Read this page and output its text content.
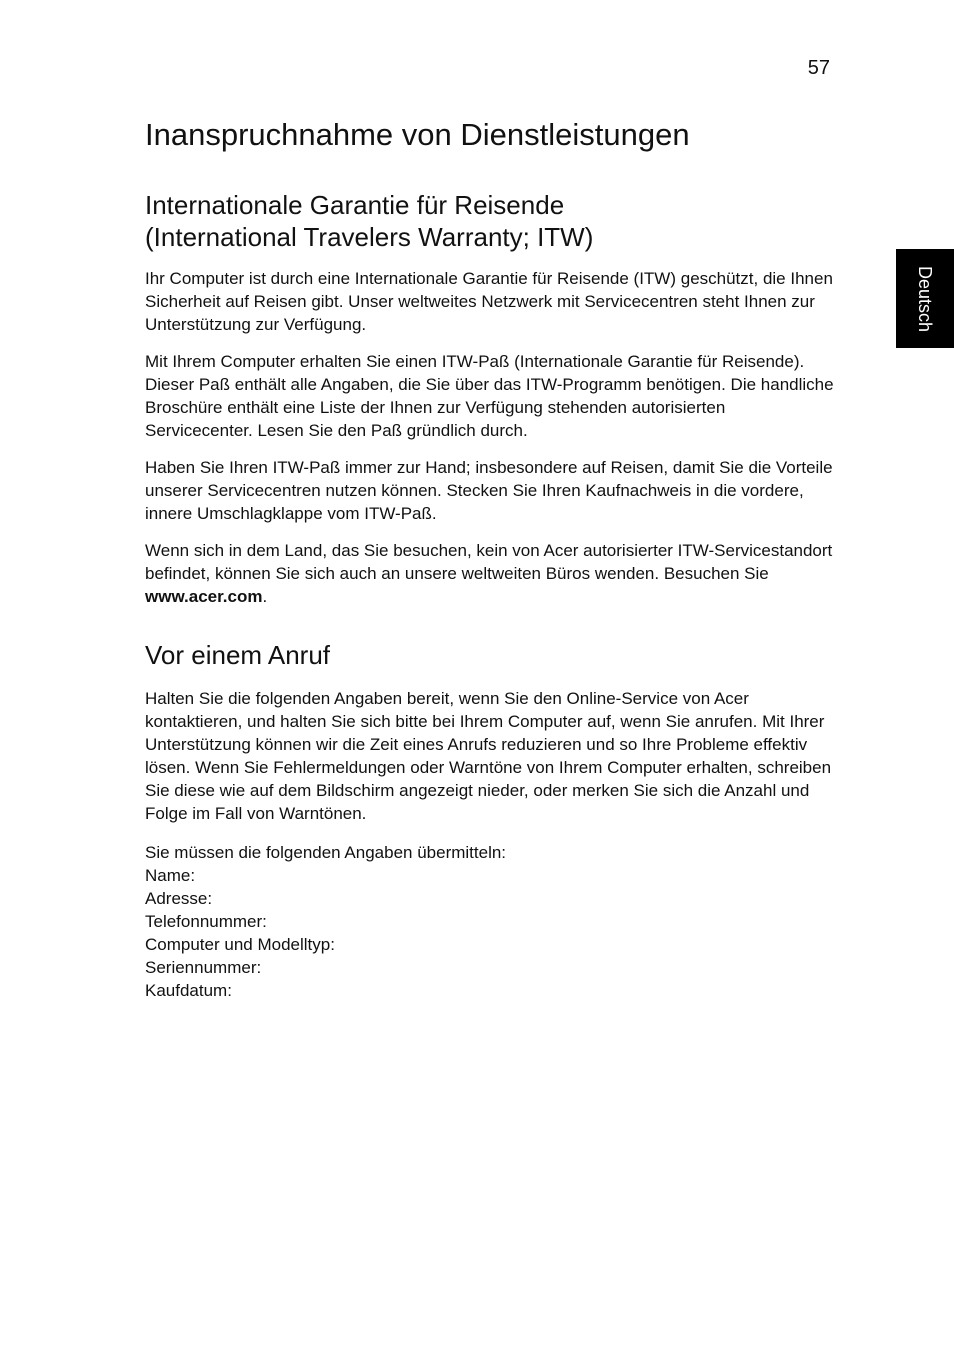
57
Deutsch
Inanspruchnahme von Dienstleistungen
Internationale Garantie für Reisende
(International Travelers Warranty; ITW)

Ihr Computer ist durch eine Internationale Garantie für Reisende (ITW) geschützt, die Ihnen Sicherheit auf Reisen gibt. Unser weltweites Netzwerk mit Servicecentren steht Ihnen zur Unterstützung zur Verfügung.

Mit Ihrem Computer erhalten Sie einen ITW-Paß (Internationale Garantie für Reisende). Dieser Paß enthält alle Angaben, die Sie über das ITW-Programm benötigen. Die handliche Broschüre enthält eine Liste der Ihnen zur Verfügung stehenden autorisierten Servicecenter. Lesen Sie den Paß gründlich durch.

Haben Sie Ihren ITW-Paß immer zur Hand; insbesondere auf Reisen, damit Sie die Vorteile unserer Servicecentren nutzen können. Stecken Sie Ihren Kaufnachweis in die vordere, innere Umschlagklappe vom ITW-Paß.

Wenn sich in dem Land, das Sie besuchen, kein von Acer autorisierter ITW-Servicestandort befindet, können Sie sich auch an unsere weltweiten Büros wenden. Besuchen Sie www.acer.com.

Vor einem Anruf

Halten Sie die folgenden Angaben bereit, wenn Sie den Online-Service von Acer kontaktieren, und halten Sie sich bitte bei Ihrem Computer auf, wenn Sie anrufen. Mit Ihrer Unterstützung können wir die Zeit eines Anrufs reduzieren und so Ihre Probleme effektiv lösen. Wenn Sie Fehlermeldungen oder Warntöne von Ihrem Computer erhalten, schreiben Sie diese wie auf dem Bildschirm angezeigt nieder, oder merken Sie sich die Anzahl und Folge im Fall von Warntönen.

Sie müssen die folgenden Angaben übermitteln:
Name:
Adresse:
Telefonnummer:
Computer und Modelltyp:
Seriennummer:
Kaufdatum:
